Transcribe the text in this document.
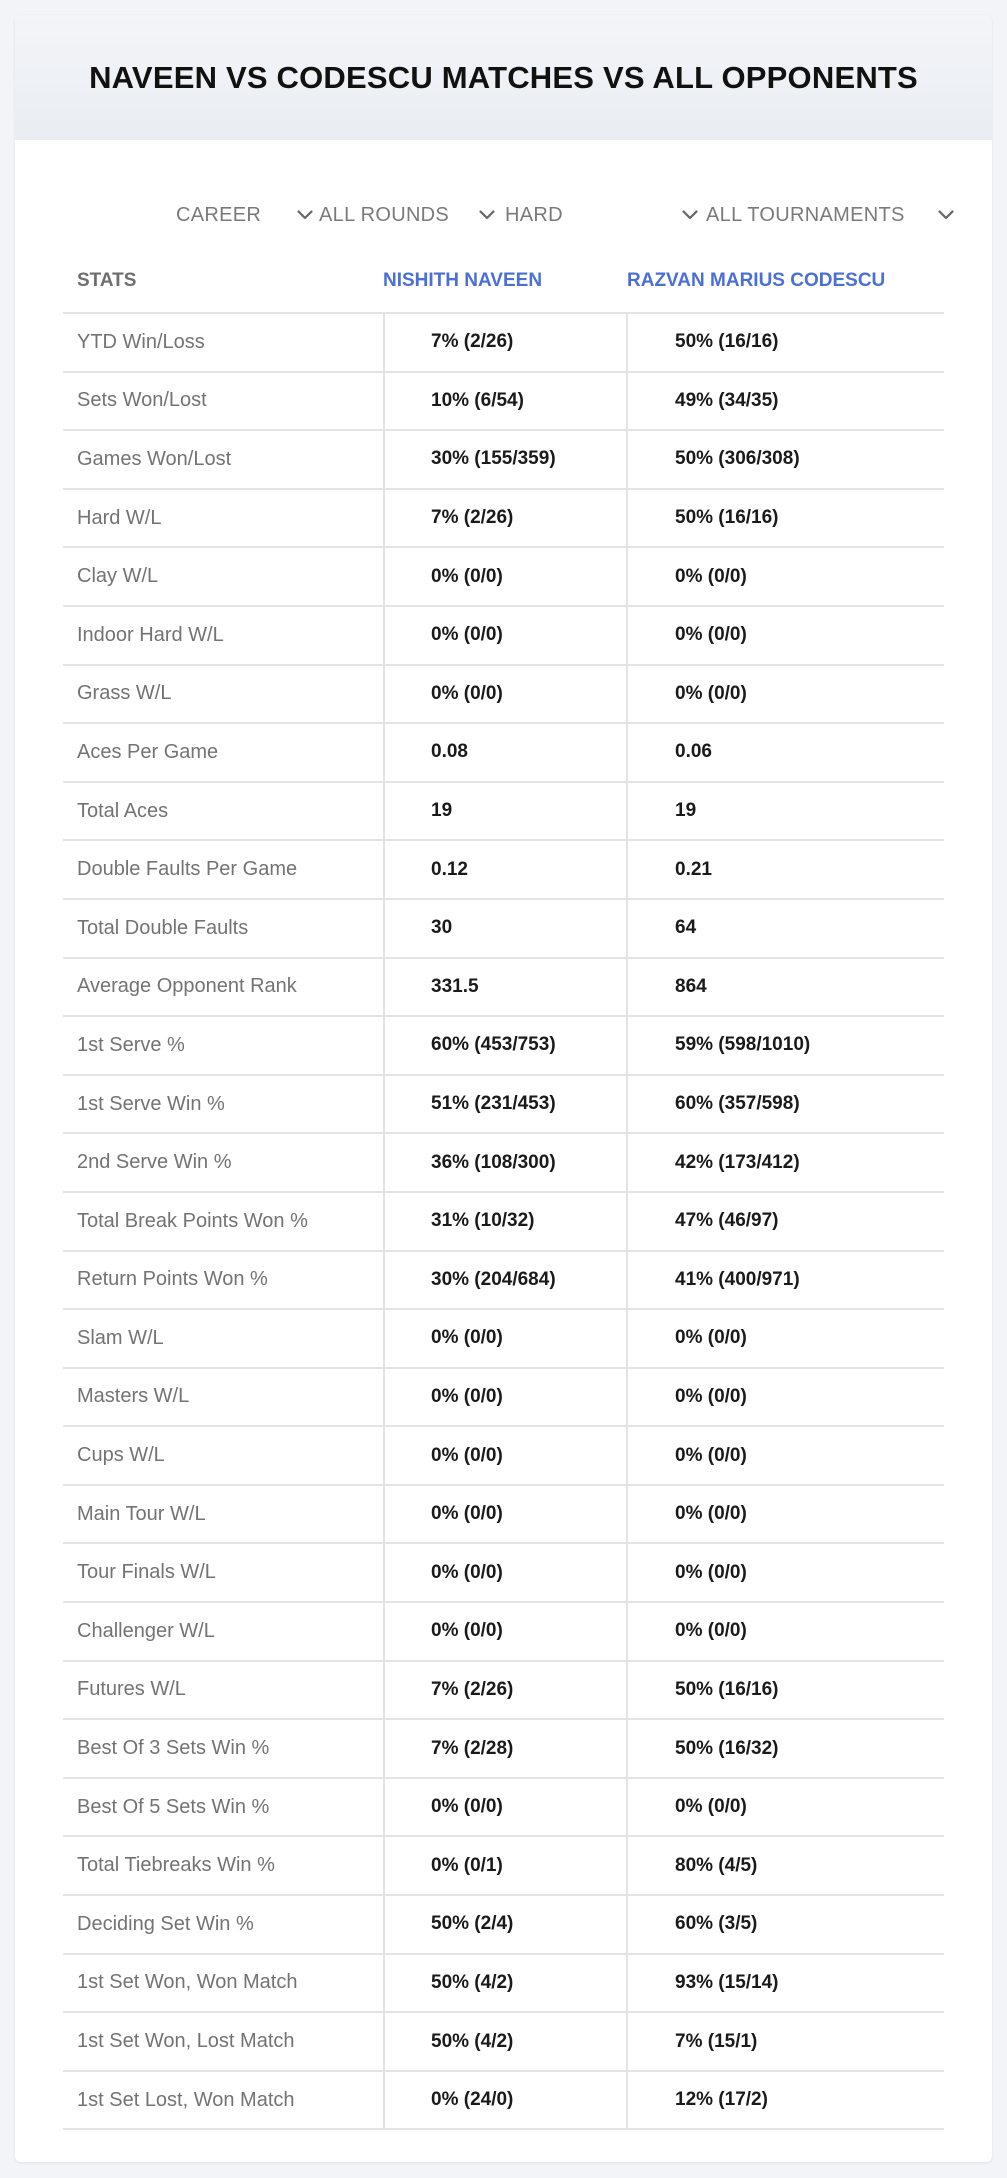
NAVEEN VS CODESCU MATCHES VS ALL OPPONENTS
CAREER	ALL ROUNDS	HARD	ALL TOURNAMENTS
STATS	NISHITH NAVEEN	RAZVAN MARIUS CODESCU
YTD Win/Loss	7% (2/26)	50% (16/16)
Sets Won/Lost	10% (6/54)	49% (34/35)
Games Won/Lost	30% (155/359)	50% (306/308)
Hard W/L	7% (2/26)	50% (16/16)
Clay W/L	0% (0/0)	0% (0/0)
Indoor Hard W/L	0% (0/0)	0% (0/0)
Grass W/L	0% (0/0)	0% (0/0)
Aces Per Game	0.08	0.06
Total Aces	19	19
Double Faults Per Game	0.12	0.21
Total Double Faults	30	64
Average Opponent Rank	331.5	864
1st Serve %	60% (453/753)	59% (598/1010)
1st Serve Win %	51% (231/453)	60% (357/598)
2nd Serve Win %	36% (108/300)	42% (173/412)
Total Break Points Won %	31% (10/32)	47% (46/97)
Return Points Won %	30% (204/684)	41% (400/971)
Slam W/L	0% (0/0)	0% (0/0)
Masters W/L	0% (0/0)	0% (0/0)
Cups W/L	0% (0/0)	0% (0/0)
Main Tour W/L	0% (0/0)	0% (0/0)
Tour Finals W/L	0% (0/0)	0% (0/0)
Challenger W/L	0% (0/0)	0% (0/0)
Futures W/L	7% (2/26)	50% (16/16)
Best Of 3 Sets Win %	7% (2/28)	50% (16/32)
Best Of 5 Sets Win %	0% (0/0)	0% (0/0)
Total Tiebreaks Win %	0% (0/1)	80% (4/5)
Deciding Set Win %	50% (2/4)	60% (3/5)
1st Set Won, Won Match	50% (4/2)	93% (15/14)
1st Set Won, Lost Match	50% (4/2)	7% (15/1)
1st Set Lost, Won Match	0% (24/0)	12% (17/2)
